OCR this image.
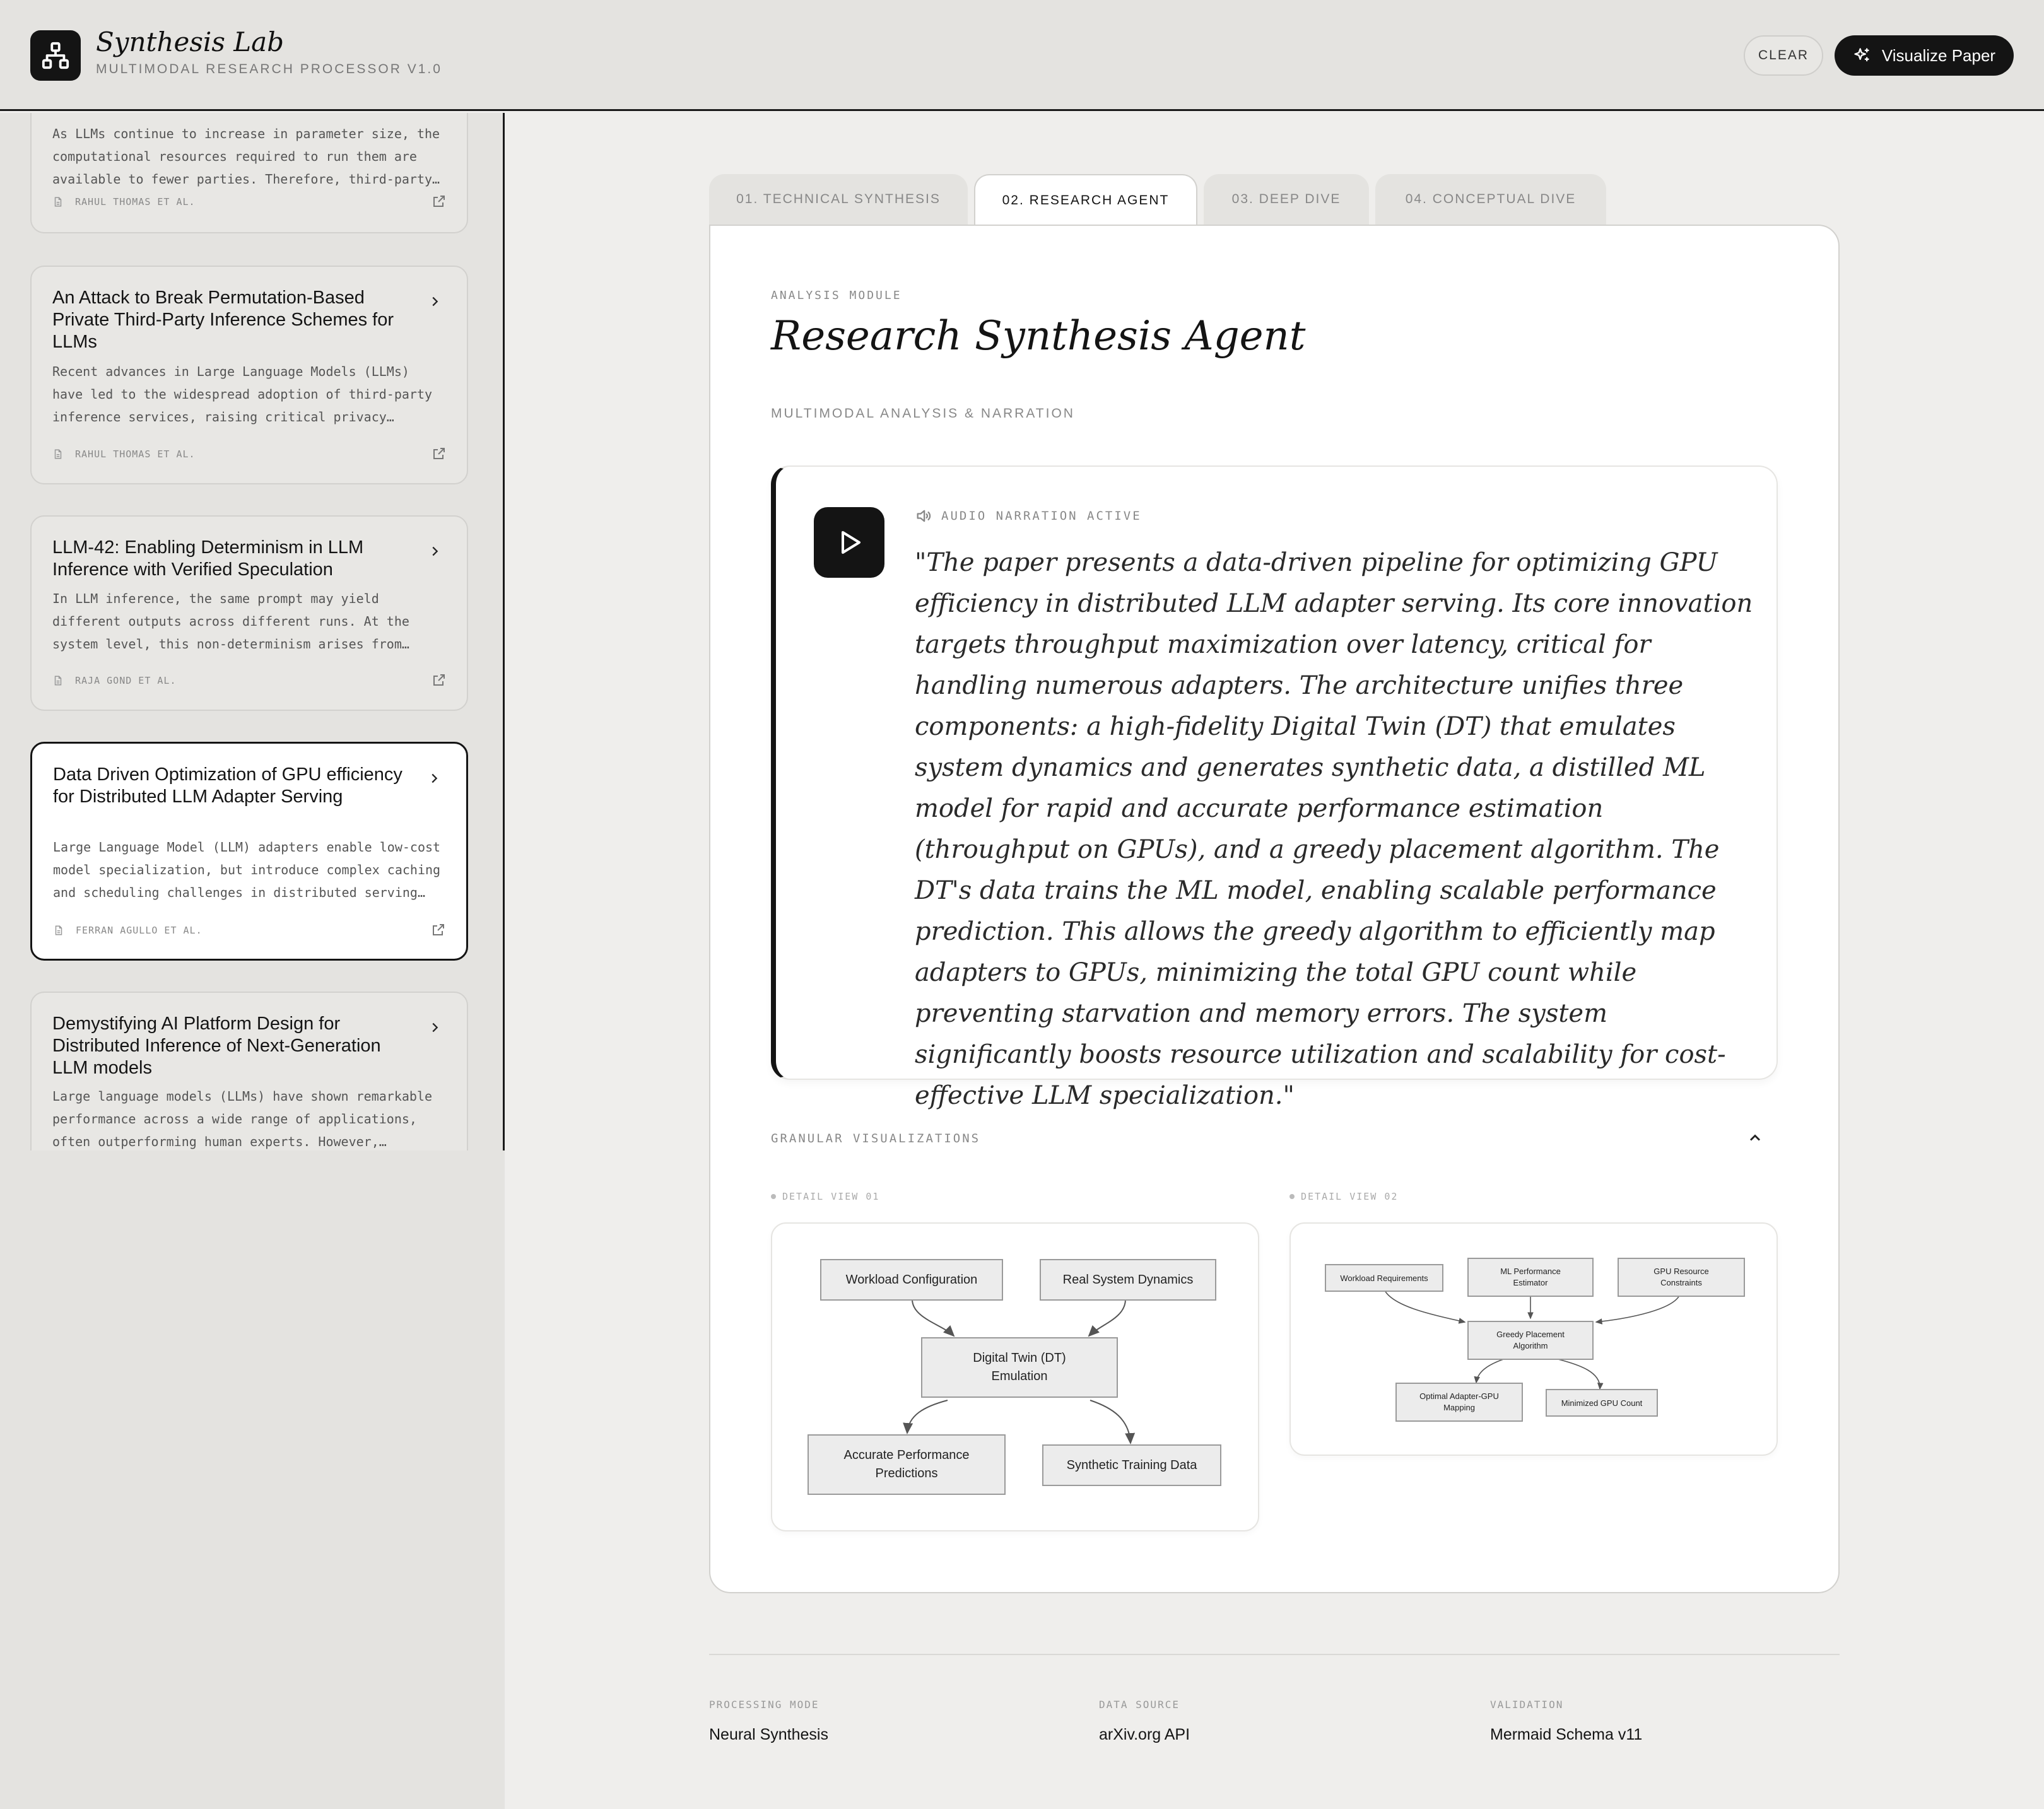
Synthesis Lab
MULTIMODAL RESEARCH PROCESSOR V1.0
CLEAR	Visualize Paper
As LLMs continue to increase in parameter size, the
computational resources required to run them are
available to fewer parties. Therefore, third-party…
RAHUL THOMAS ET AL.
An Attack to Break Permutation-Based Private Third-Party Inference Schemes for LLMs
Recent advances in Large Language Models (LLMs)
have led to the widespread adoption of third-party
inference services, raising critical privacy…
RAHUL THOMAS ET AL.
LLM-42: Enabling Determinism in LLM Inference with Verified Speculation
In LLM inference, the same prompt may yield
different outputs across different runs. At the
system level, this non-determinism arises from…
RAJA GOND ET AL.
Data Driven Optimization of GPU efficiency for Distributed LLM Adapter Serving
Large Language Model (LLM) adapters enable low-cost
model specialization, but introduce complex caching
and scheduling challenges in distributed serving…
FERRAN AGULLO ET AL.
Demystifying AI Platform Design for Distributed Inference of Next-Generation LLM models
Large language models (LLMs) have shown remarkable
performance across a wide range of applications,
often outperforming human experts. However,…
01. TECHNICAL SYNTHESIS	02. RESEARCH AGENT	03. DEEP DIVE	04. CONCEPTUAL DIVE
ANALYSIS MODULE
Research Synthesis Agent
MULTIMODAL ANALYSIS & NARRATION
AUDIO NARRATION ACTIVE
"The paper presents a data-driven pipeline for optimizing GPU efficiency in distributed LLM adapter serving. Its core innovation targets throughput maximization over latency, critical for handling numerous adapters. The architecture unifies three components: a high-fidelity Digital Twin (DT) that emulates system dynamics and generates synthetic data, a distilled ML model for rapid and accurate performance estimation (throughput on GPUs), and a greedy placement algorithm. The DT's data trains the ML model, enabling scalable performance prediction. This allows the greedy algorithm to efficiently map adapters to GPUs, minimizing the total GPU count while preventing starvation and memory errors. The system significantly boosts resource utilization and scalability for cost-effective LLM specialization."
GRANULAR VISUALIZATIONS
DETAIL VIEW 01
Workload Configuration	Real System Dynamics
Digital Twin (DT) Emulation
Accurate Performance Predictions
Synthetic Training Data
DETAIL VIEW 02
Workload Requirements
ML Performance Estimator
GPU Resource Constraints
Greedy Placement Algorithm
Optimal Adapter-GPU Mapping	Minimized GPU Count
PROCESSING MODE
Neural Synthesis
DATA SOURCE
arXiv.org API
VALIDATION
Mermaid Schema v11
